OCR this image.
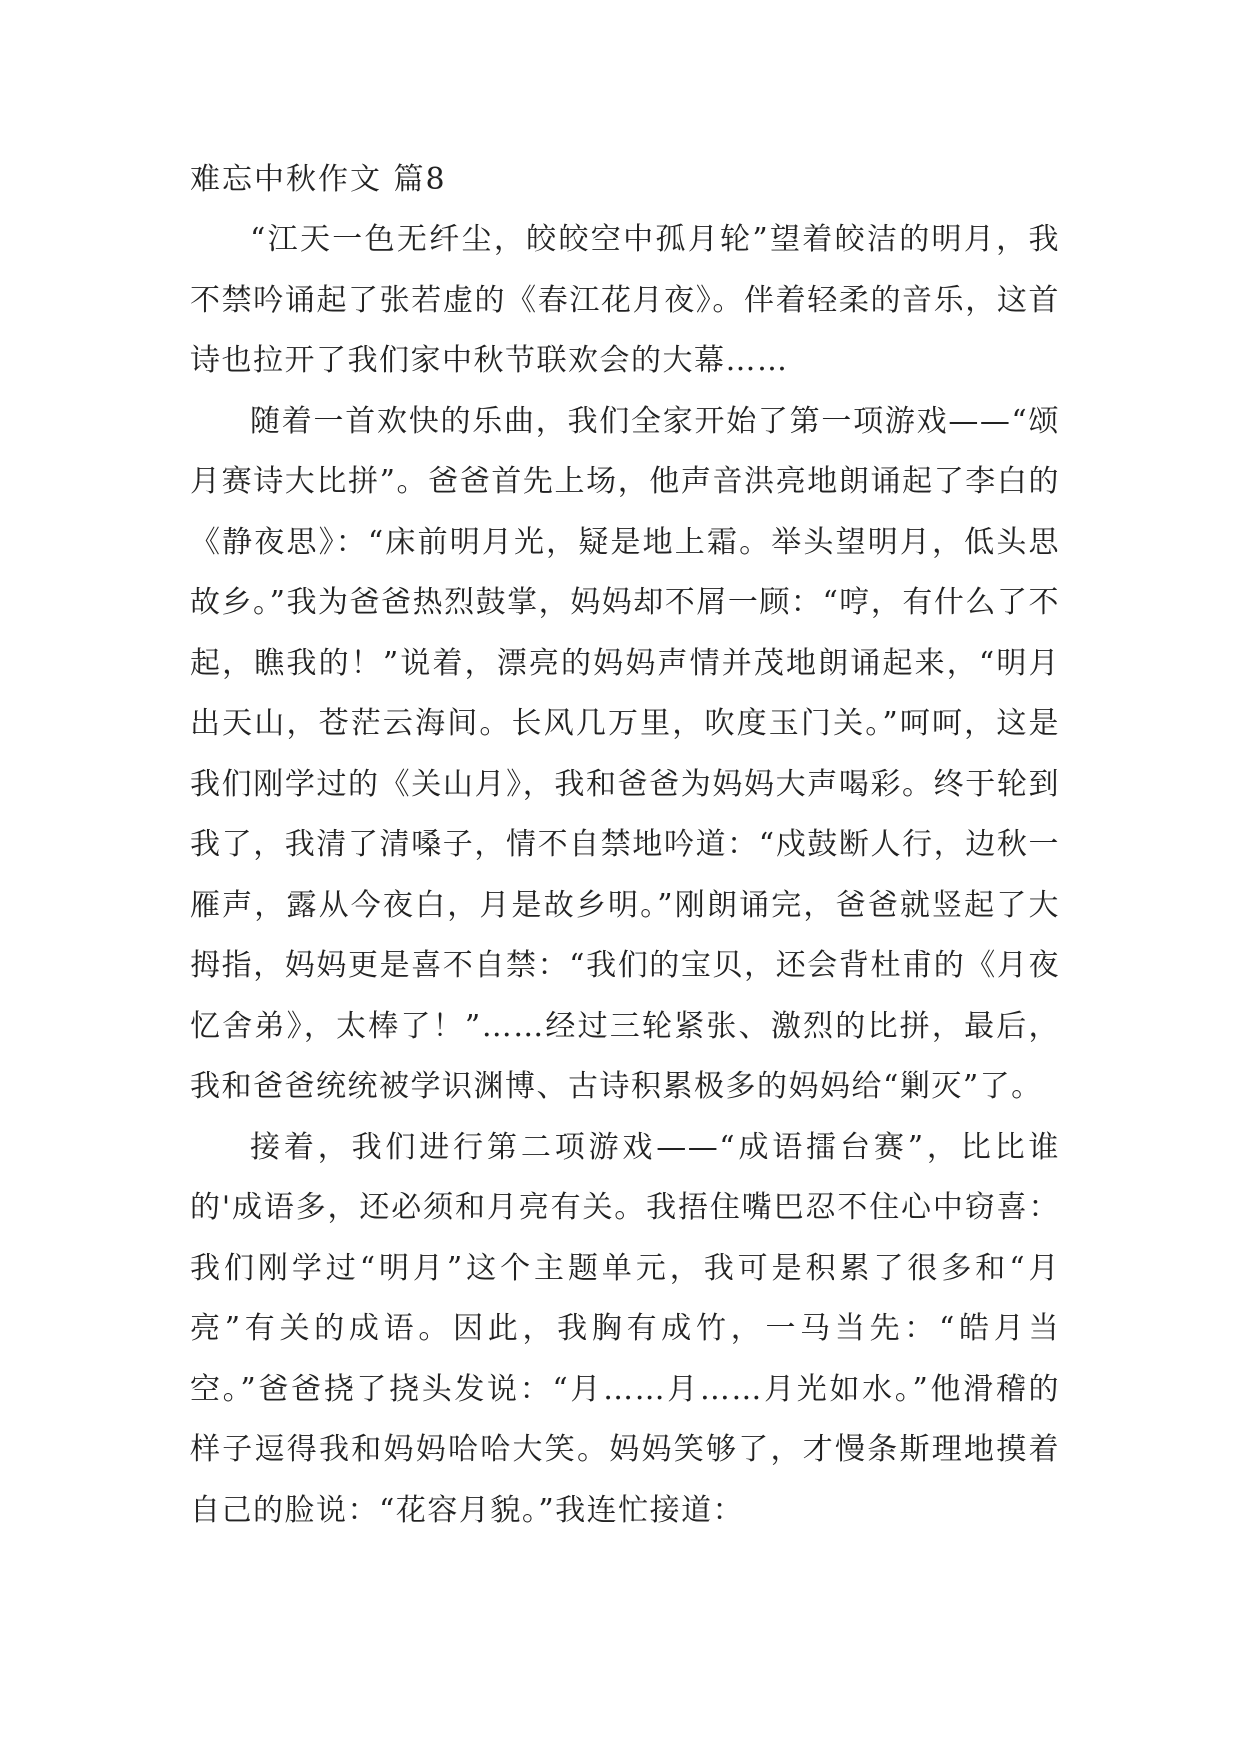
难忘中秋作文 篇8

“江天一色无纤尘，皎皎空中孤月轮”望着皎洁的明月，我不禁吟诵起了张若虚的《春江花月夜》。伴着轻柔的音乐，这首诗也拉开了我们家中秋节联欢会的大幕……

随着一首欢快的乐曲，我们全家开始了第一项游戏——“颂月赛诗大比拼”。爸爸首先上场，他声音洪亮地朗诵起了李白的《静夜思》：“床前明月光，疑是地上霜。举头望明月，低头思故乡。”我为爸爸热烈鼓掌，妈妈却不屑一顾：“哼，有什么了不起，瞧我的！”说着，漂亮的妈妈声情并茂地朗诵起来，“明月出天山，苍茫云海间。长风几万里，吹度玉门关。”呵呵，这是我们刚学过的《关山月》，我和爸爸为妈妈大声喝彩。终于轮到我了，我清了清嗓子，情不自禁地吟道：“戍鼓断人行，边秋一雁声，露从今夜白，月是故乡明。”刚朗诵完，爸爸就竖起了大拇指，妈妈更是喜不自禁：“我们的宝贝，还会背杜甫的《月夜忆舍弟》，太棒了！”……经过三轮紧张、激烈的比拼，最后，我和爸爸统统被学识渊博、古诗积累极多的妈妈给“剿灭”了。

接着，我们进行第二项游戏——“成语擂台赛”，比比谁的'成语多，还必须和月亮有关。我捂住嘴巴忍不住心中窃喜：我们刚学过“明月”这个主题单元，我可是积累了很多和“月亮”有关的成语。因此，我胸有成竹，一马当先：“皓月当空。”爸爸挠了挠头发说：“月……月……月光如水。”他滑稽的样子逗得我和妈妈哈哈大笑。妈妈笑够了，才慢条斯理地摸着自己的脸说：“花容月貌。”我连忙接道：
